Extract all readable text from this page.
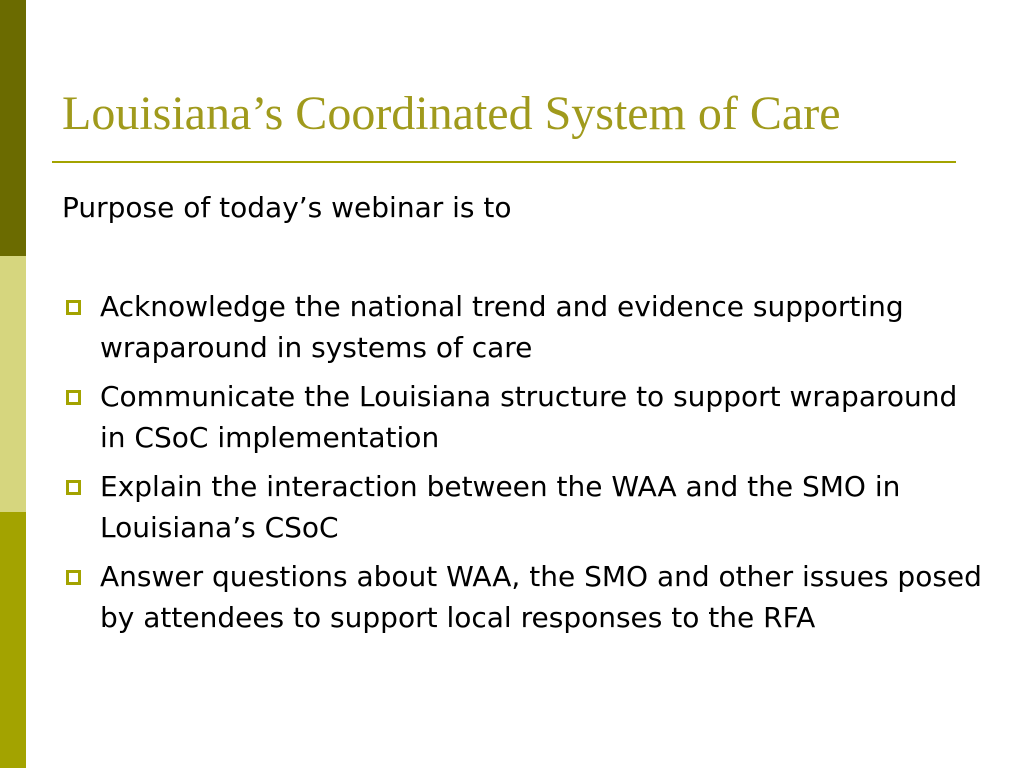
Louisiana’s Coordinated System of Care

Purpose of today’s webinar is to

Acknowledge the national trend and evidence supporting wraparound in systems of care
Communicate the Louisiana structure to support wraparound in CSoC implementation
Explain the interaction between the WAA and the SMO in Louisiana’s CSoC
Answer questions about WAA, the SMO and other issues posed by attendees to support local responses to the RFA
